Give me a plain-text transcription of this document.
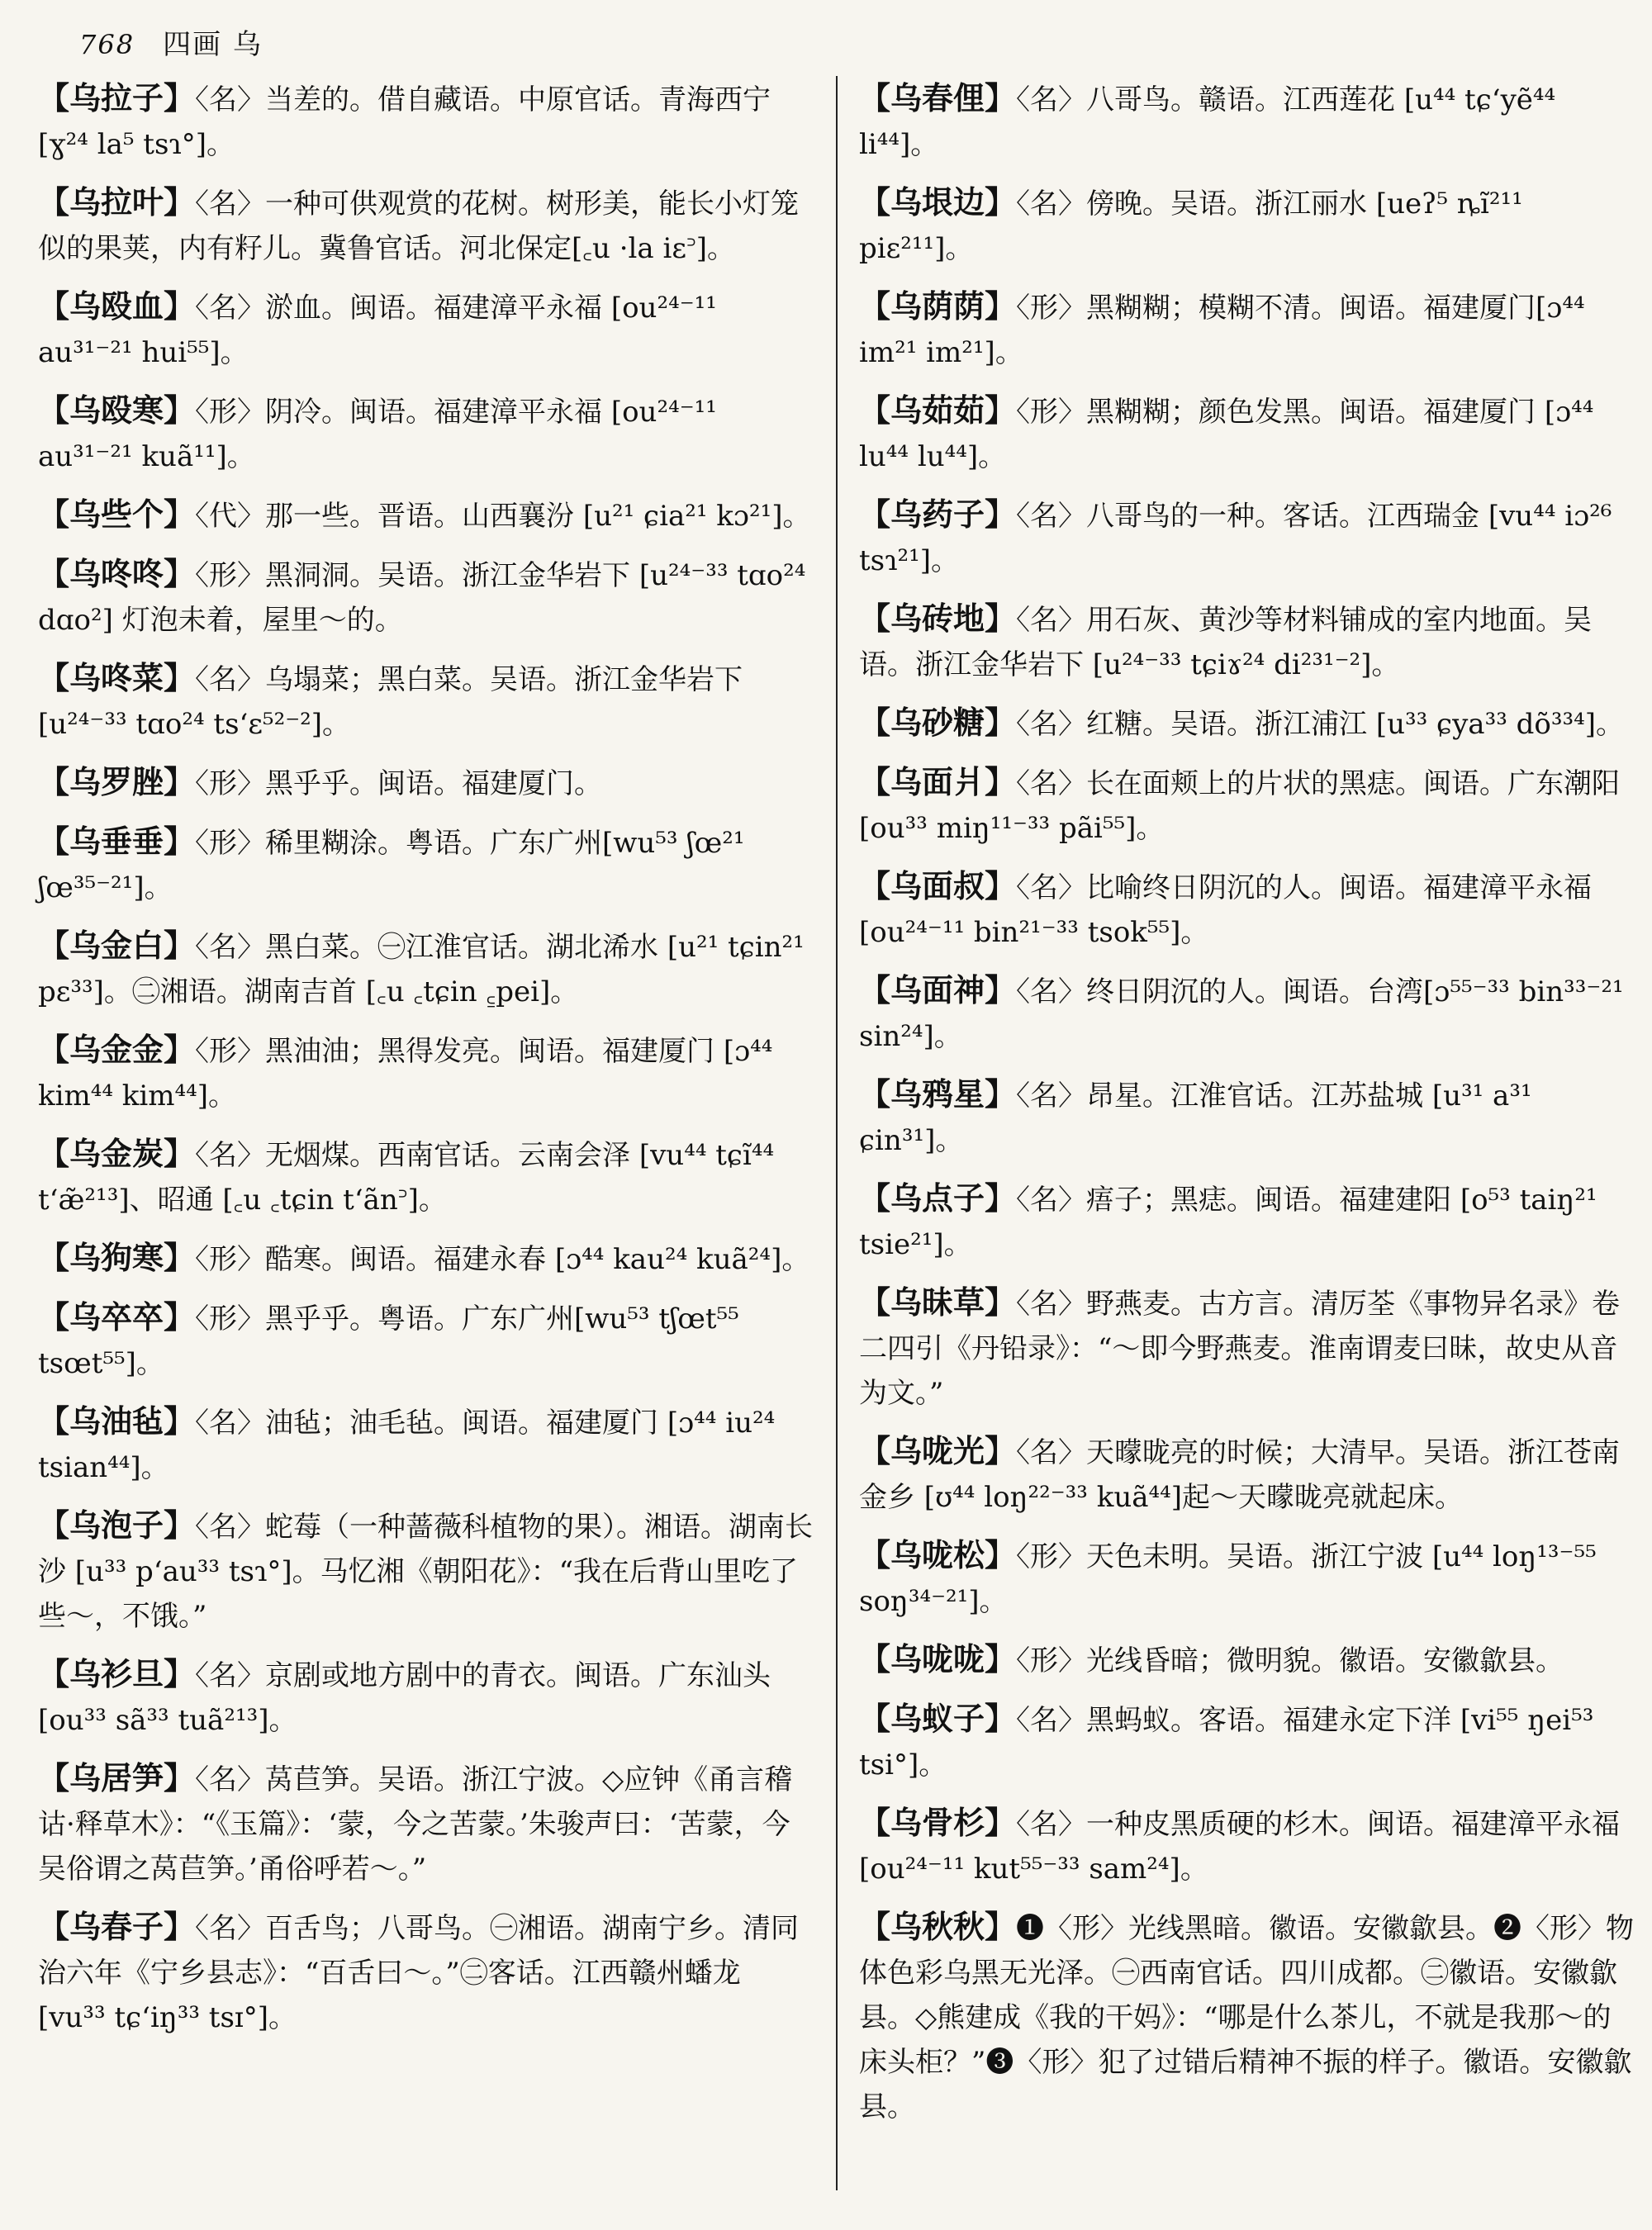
768 四画 乌

【乌拉子】〈名〉当差的。借自藏语。中原官话。青海西宁 [ɣ²⁴ la⁵ tsɿ°]。

【乌拉叶】〈名〉一种可供观赏的花树。树形美，能长小灯笼似的果荚，内有籽儿。冀鲁官话。河北保定[꜀u ·la iɛ꜄]。

【乌殴血】〈名〉淤血。闽语。福建漳平永福 [ou²⁴⁻¹¹ au³¹⁻²¹ hui⁵⁵]。

【乌殴寒】〈形〉阴冷。闽语。福建漳平永福 [ou²⁴⁻¹¹ au³¹⁻²¹ kuã¹¹]。

【乌些个】〈代〉那一些。晋语。山西襄汾 [u²¹ ɕia²¹ kɔ²¹]。

【乌咚咚】〈形〉黑洞洞。吴语。浙江金华岩下 [u²⁴⁻³³ tɑo²⁴ dɑo²] 灯泡未着，屋里～的。

【乌咚菜】〈名〉乌塌菜；黑白菜。吴语。浙江金华岩下 [u²⁴⁻³³ tɑo²⁴ ts‘ɛ⁵²⁻²]。

【乌罗脞】〈形〉黑乎乎。闽语。福建厦门。

【乌垂垂】〈形〉稀里糊涂。粤语。广东广州[wu⁵³ ʃœ²¹ ʃœ³⁵⁻²¹]。

【乌金白】〈名〉黑白菜。㊀江淮官话。湖北浠水 [u²¹ tɕin²¹ pɛ³³]。㊁湘语。湖南吉首 [꜀u ꜀tɕin ꜁pei]。

【乌金金】〈形〉黑油油；黑得发亮。闽语。福建厦门 [ɔ⁴⁴ kim⁴⁴ kim⁴⁴]。

【乌金炭】〈名〉无烟煤。西南官话。云南会泽 [vu⁴⁴ tɕĩ⁴⁴ t‘æ̃²¹³]、昭通 [꜀u ꜀tɕin t‘ãn꜄]。

【乌狗寒】〈形〉酷寒。闽语。福建永春 [ɔ⁴⁴ kau²⁴ kuã²⁴]。

【乌卒卒】〈形〉黑乎乎。粤语。广东广州[wu⁵³ tʃœt⁵⁵ tsœt⁵⁵]。

【乌油毡】〈名〉油毡；油毛毡。闽语。福建厦门 [ɔ⁴⁴ iu²⁴ tsian⁴⁴]。

【乌泡子】〈名〉蛇莓（一种蔷薇科植物的果）。湘语。湖南长沙 [u³³ p‘au³³ tsɿ°]。马忆湘《朝阳花》：“我在后背山里吃了些～，不饿。”

【乌衫旦】〈名〉京剧或地方剧中的青衣。闽语。广东汕头 [ou³³ sã³³ tuã²¹³]。

【乌居笋】〈名〉莴苣笋。吴语。浙江宁波。◇应钟《甬言稽诂·释草木》：“《玉篇》：‘蒙，今之苦蒙。’朱骏声曰：‘苦蒙，今吴俗谓之莴苣笋。’甬俗呼若～。”

【乌春子】〈名〉百舌鸟；八哥鸟。㊀湘语。湖南宁乡。清同治六年《宁乡县志》：“百舌曰～。”㊁客话。江西赣州蟠龙 [vu³³ tɕ‘iŋ³³ tsɪ°]。

【乌春俚】〈名〉八哥鸟。赣语。江西莲花 [u⁴⁴ tɕ‘yẽ⁴⁴ li⁴⁴]。

【乌垠边】〈名〉傍晚。吴语。浙江丽水 [ueʔ⁵ ȵĩ²¹¹ piɛ²¹¹]。

【乌荫荫】〈形〉黑糊糊；模糊不清。闽语。福建厦门[ɔ⁴⁴ im²¹ im²¹]。

【乌茹茹】〈形〉黑糊糊；颜色发黑。闽语。福建厦门 [ɔ⁴⁴ lu⁴⁴ lu⁴⁴]。

【乌药子】〈名〉八哥鸟的一种。客话。江西瑞金 [vu⁴⁴ iɔ²⁶ tsɿ²¹]。

【乌砖地】〈名〉用石灰、黄沙等材料铺成的室内地面。吴语。浙江金华岩下 [u²⁴⁻³³ tɕiɤ²⁴ di²³¹⁻²]。

【乌砂糖】〈名〉红糖。吴语。浙江浦江 [u³³ ɕya³³ dõ³³⁴]。

【乌面爿】〈名〉长在面颊上的片状的黑痣。闽语。广东潮阳 [ou³³ miŋ¹¹⁻³³ pãi⁵⁵]。

【乌面叔】〈名〉比喻终日阴沉的人。闽语。福建漳平永福 [ou²⁴⁻¹¹ bin²¹⁻³³ tsok⁵⁵]。

【乌面神】〈名〉终日阴沉的人。闽语。台湾[ɔ⁵⁵⁻³³ bin³³⁻²¹ sin²⁴]。

【乌鸦星】〈名〉昂星。江淮官话。江苏盐城 [u³¹ a³¹ ɕin³¹]。

【乌点子】〈名〉痦子；黑痣。闽语。福建建阳 [o⁵³ taiŋ²¹ tsie²¹]。

【乌昧草】〈名〉野燕麦。古方言。清厉荃《事物异名录》卷二四引《丹铅录》：“～即今野燕麦。淮南谓麦曰昧，故史从音为文。”

【乌咙光】〈名〉天曚昽亮的时候；大清早。吴语。浙江苍南金乡 [ʊ⁴⁴ loŋ²²⁻³³ kuã⁴⁴]起～天曚昽亮就起床。

【乌咙松】〈形〉天色未明。吴语。浙江宁波 [u⁴⁴ loŋ¹³⁻⁵⁵ soŋ³⁴⁻²¹]。

【乌咙咙】〈形〉光线昏暗；微明貌。徽语。安徽歙县。

【乌蚁子】〈名〉黑蚂蚁。客语。福建永定下洋 [vi⁵⁵ ŋei⁵³ tsi°]。

【乌骨杉】〈名〉一种皮黑质硬的杉木。闽语。福建漳平永福 [ou²⁴⁻¹¹ kut⁵⁵⁻³³ sam²⁴]。

【乌秋秋】❶〈形〉光线黑暗。徽语。安徽歙县。❷〈形〉物体色彩乌黑无光泽。㊀西南官话。四川成都。㊁徽语。安徽歙县。◇熊建成《我的干妈》：“哪是什么茶儿，不就是我那～的床头柜？”❸〈形〉犯了过错后精神不振的样子。徽语。安徽歙县。
